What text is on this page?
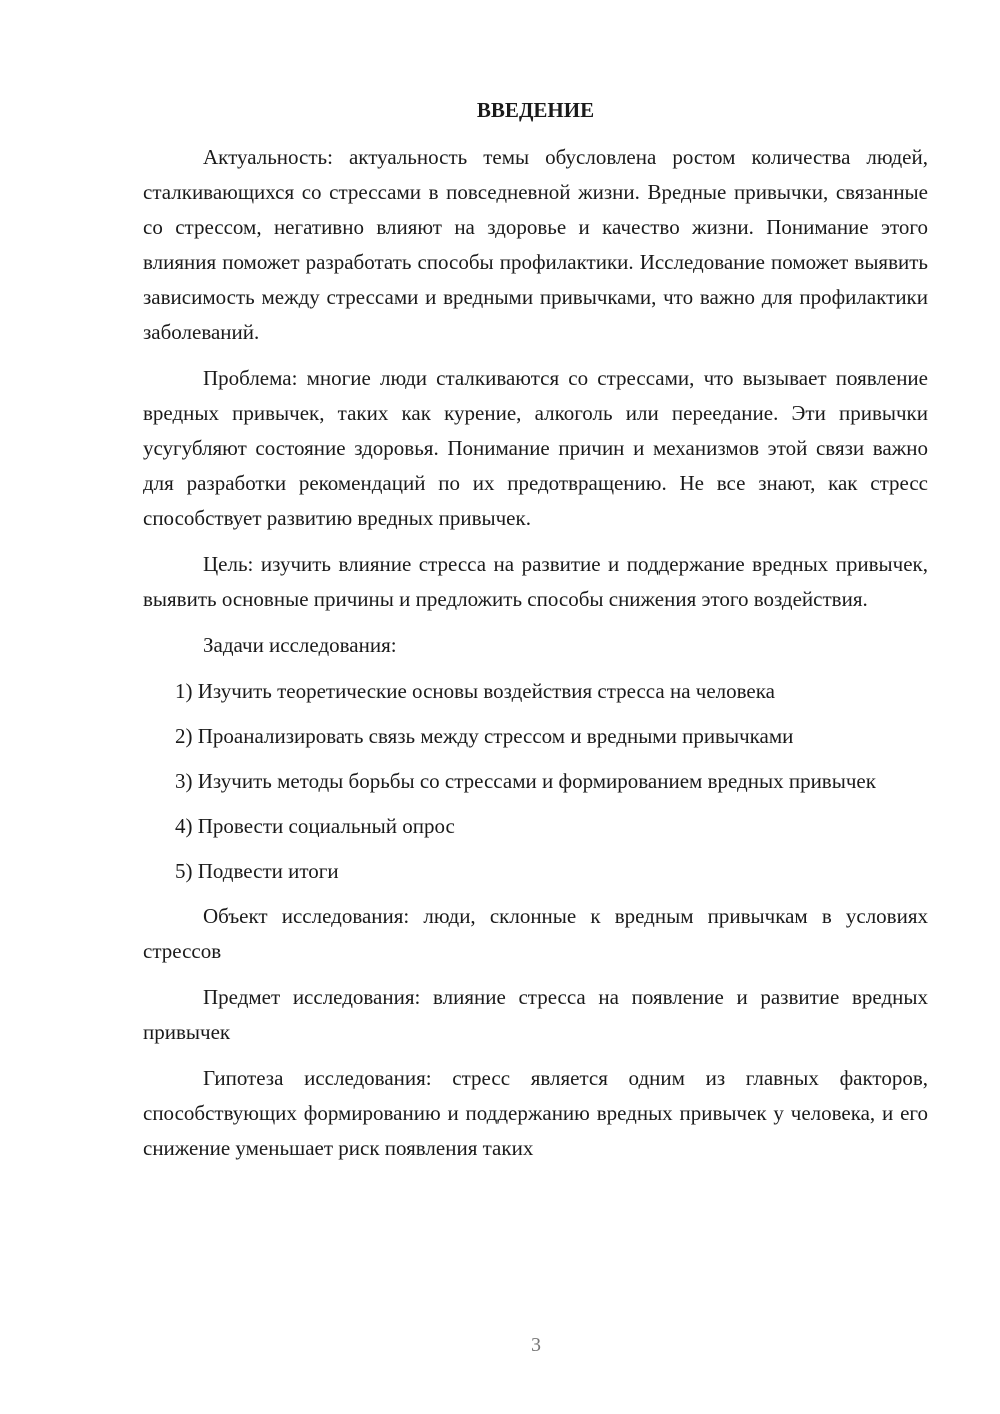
ВВЕДЕНИЕ

Актуальность: актуальность темы обусловлена ростом количества людей, сталкивающихся со стрессами в повседневной жизни. Вредные привычки, связанные со стрессом, негативно влияют на здоровье и качество жизни. Понимание этого влияния поможет разработать способы профилактики. Исследование поможет выявить зависимость между стрессами и вредными привычками, что важно для профилактики заболеваний.

Проблема: многие люди сталкиваются со стрессами, что вызывает появление вредных привычек, таких как курение, алкоголь или переедание. Эти привычки усугубляют состояние здоровья. Понимание причин и механизмов этой связи важно для разработки рекомендаций по их предотвращению. Не все знают, как стресс способствует развитию вредных привычек.

Цель: изучить влияние стресса на развитие и поддержание вредных привычек, выявить основные причины и предложить способы снижения этого воздействия.

Задачи исследования:

1) Изучить теоретические основы воздействия стресса на человека

2) Проанализировать связь между стрессом и вредными привычками

3) Изучить методы борьбы со стрессами и формированием вредных привычек

4) Провести социальный опрос

5) Подвести итоги

Объект исследования: люди, склонные к вредным привычкам в условиях стрессов

Предмет исследования: влияние стресса на появление и развитие вредных привычек

Гипотеза исследования: стресс является одним из главных факторов, способствующих формированию и поддержанию вредных привычек у человека, и его снижение уменьшает риск появления таких

3
